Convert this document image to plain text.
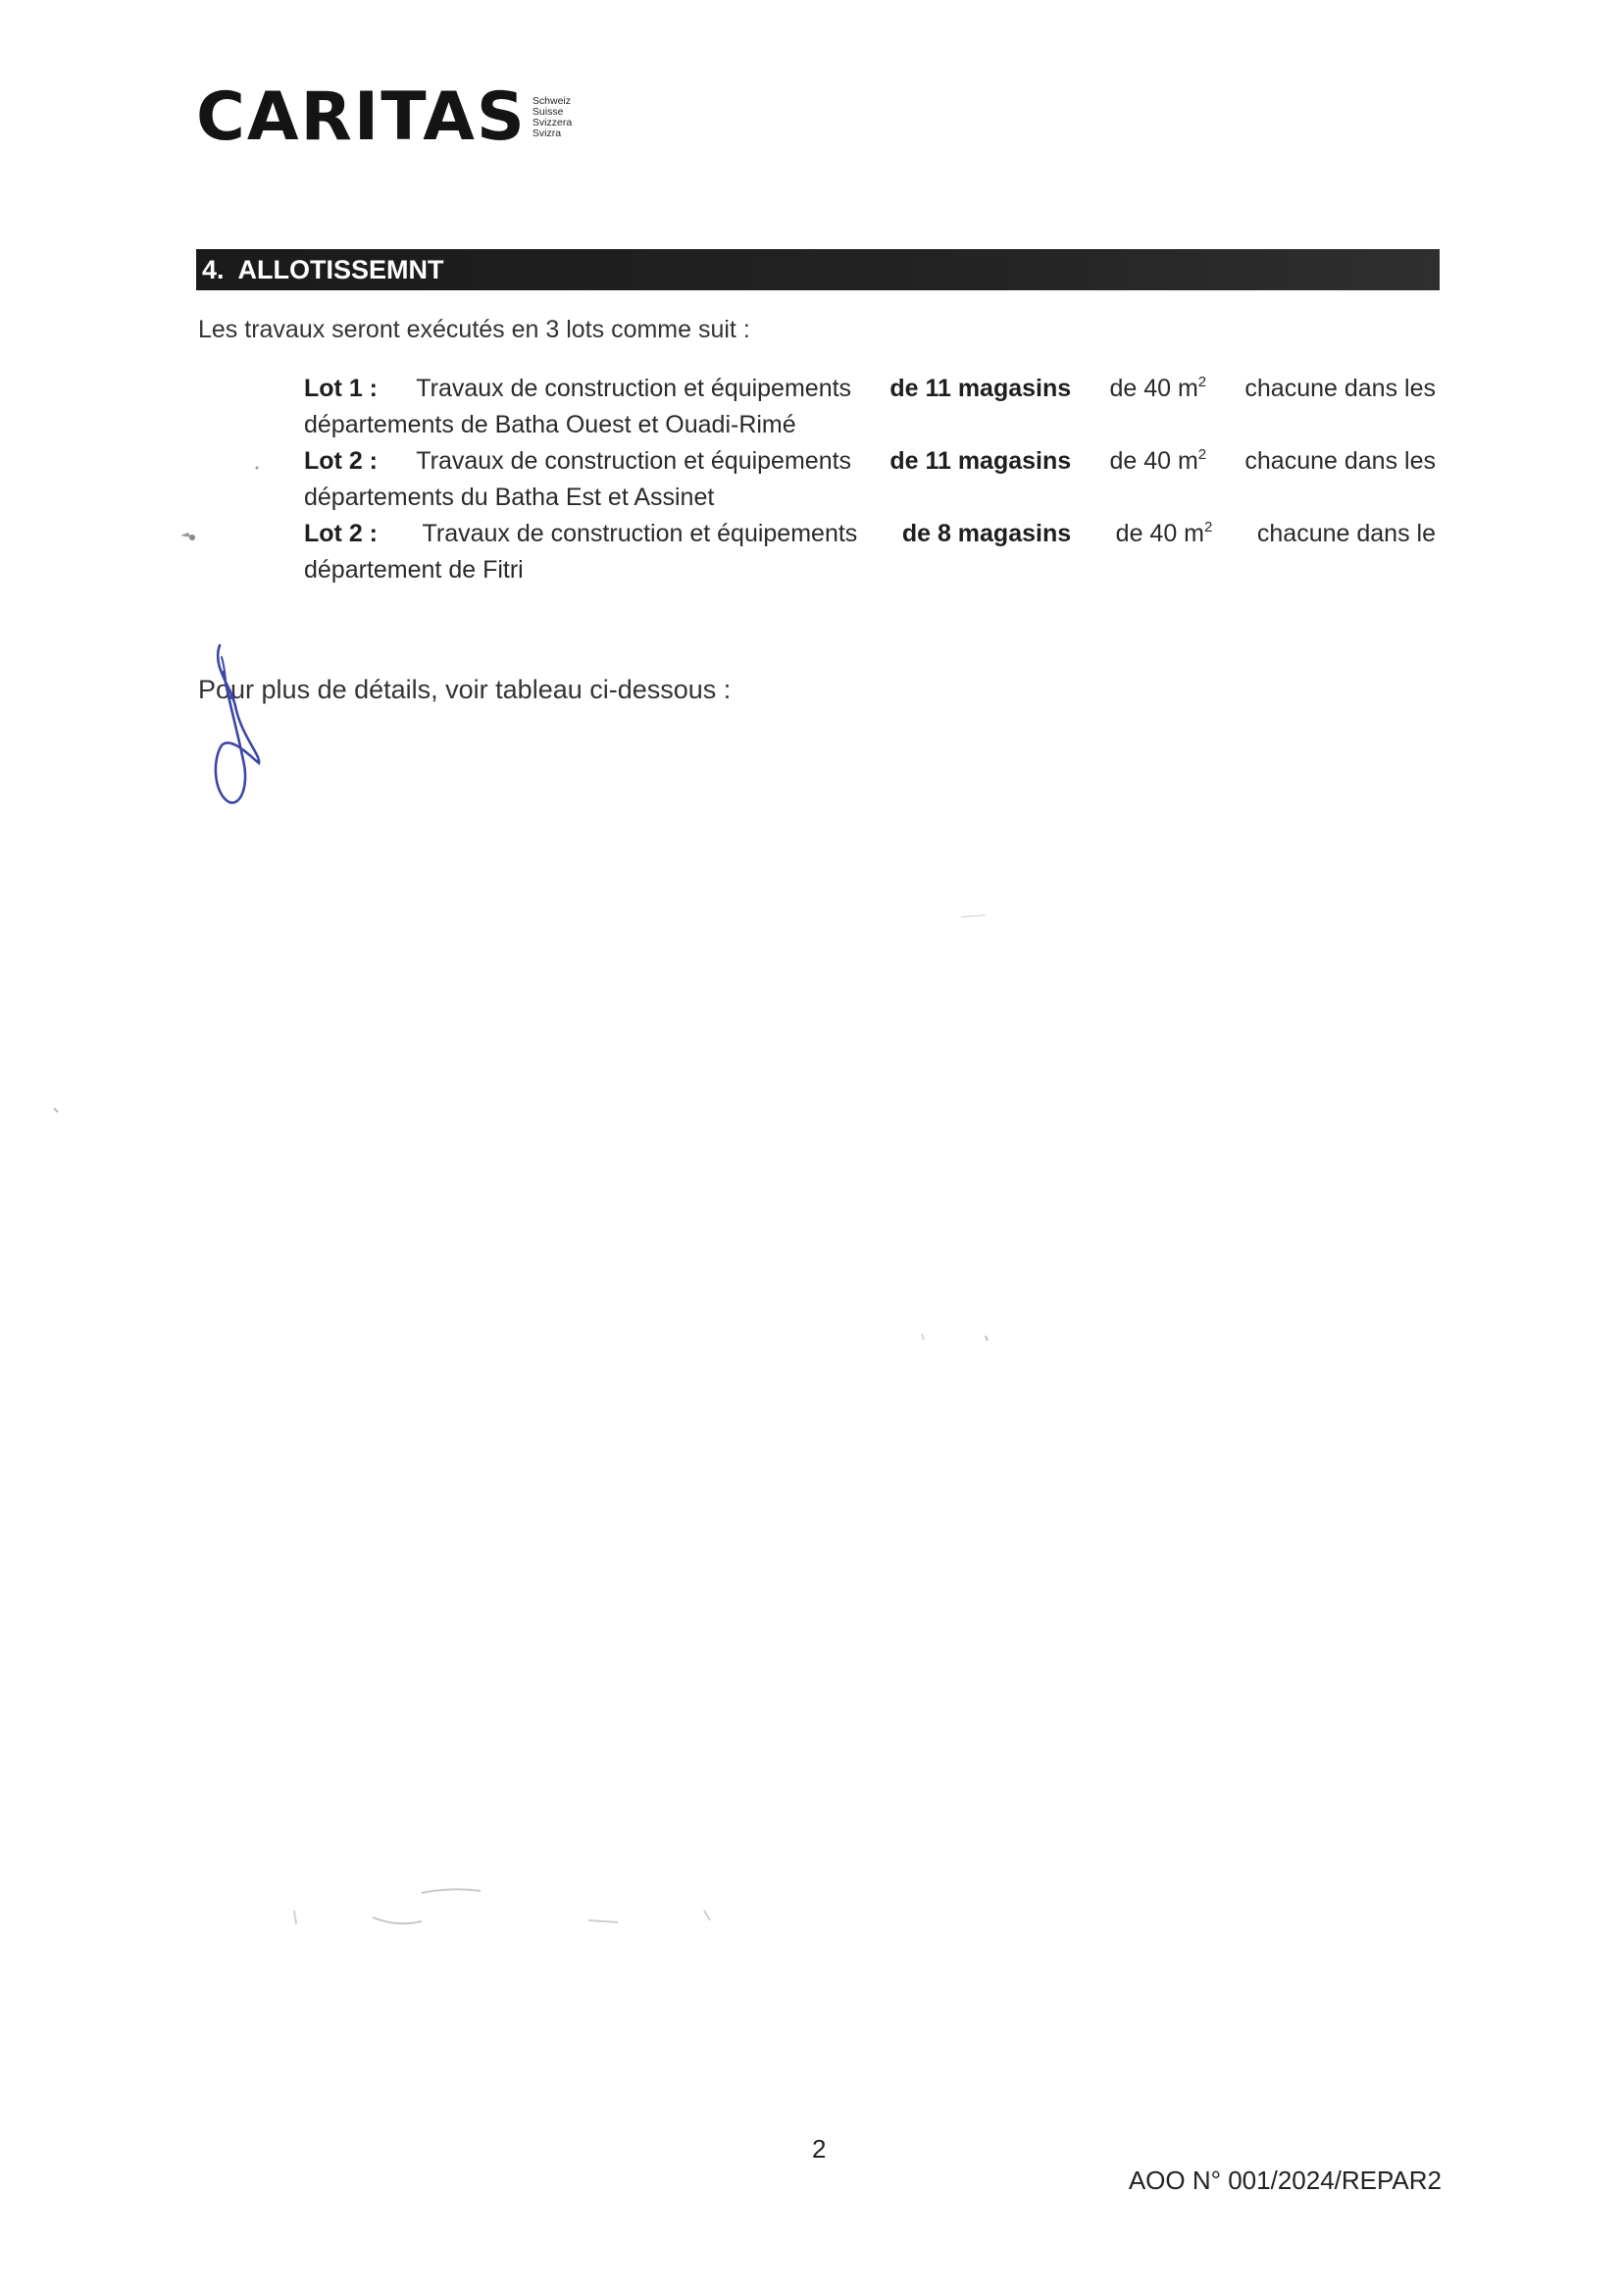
CARITAS Schweiz
Suisse
Svizzera
Svizra
4.  ALLOTISSEMNT
Les travaux seront exécutés en 3 lots comme suit :
Lot 1 : Travaux de construction et équipements de 11 magasins de 40 $m^2$ chacune dans les
départements de Batha Ouest et Ouadi-Rimé
Lot 2 : Travaux de construction et équipements de 11 magasins de 40 $m^2$ chacune dans les
départements du Batha Est et Assinet
Lot 2 : Travaux de construction et équipements de 8 magasins de 40 $m^2$ chacune dans le
département de Fitri
Pour plus de détails, voir tableau ci-dessous :
2
AOO N° 001/2024/REPAR2
